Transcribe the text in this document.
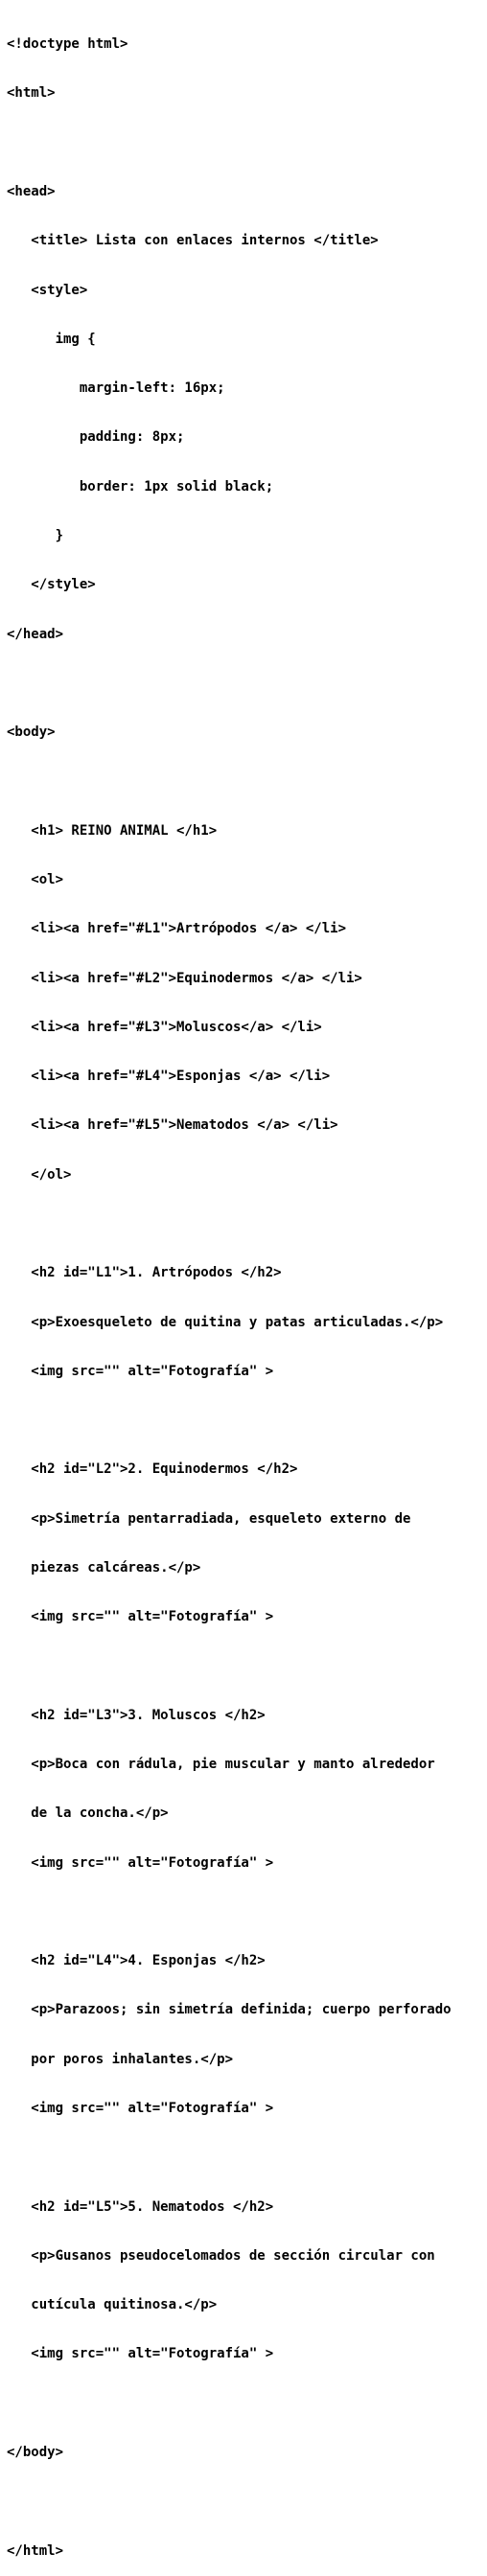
<!doctype html>

<html>

<head>

<title> Lista con enlaces internos </title>

<style>

img {

margin-left: 16px;

padding: 8px;

border: 1px solid black;

}

</style>

</head>

<body>

<h1> REINO ANIMAL </h1>

<ol>

<li><a href="#L1">Artrópodos </a> </li>

<li><a href="#L2">Equinodermos </a> </li>

<li><a href="#L3">Moluscos</a> </li>

<li><a href="#L4">Esponjas </a> </li>

<li><a href="#L5">Nematodos </a> </li>

</ol>

<h2 id="L1">1. Artrópodos </h2>

<p>Exoesqueleto de quitina y patas articuladas.</p>

<img src="" alt="Fotografía" >

<h2 id="L2">2. Equinodermos </h2>

<p>Simetría pentarradiada, esqueleto externo de

piezas calcáreas.</p>

<img src="" alt="Fotografía" >

<h2 id="L3">3. Moluscos </h2>

<p>Boca con rádula, pie muscular y manto alrededor

de la concha.</p>

<img src="" alt="Fotografía" >

<h2 id="L4">4. Esponjas </h2>

<p>Parazoos; sin simetría definida; cuerpo perforado

por poros inhalantes.</p>

<img src="" alt="Fotografía" >

<h2 id="L5">5. Nematodos </h2>

<p>Gusanos pseudocelomados de sección circular con

cutícula quitinosa.</p>

<img src="" alt="Fotografía" >

</body>

</html>
